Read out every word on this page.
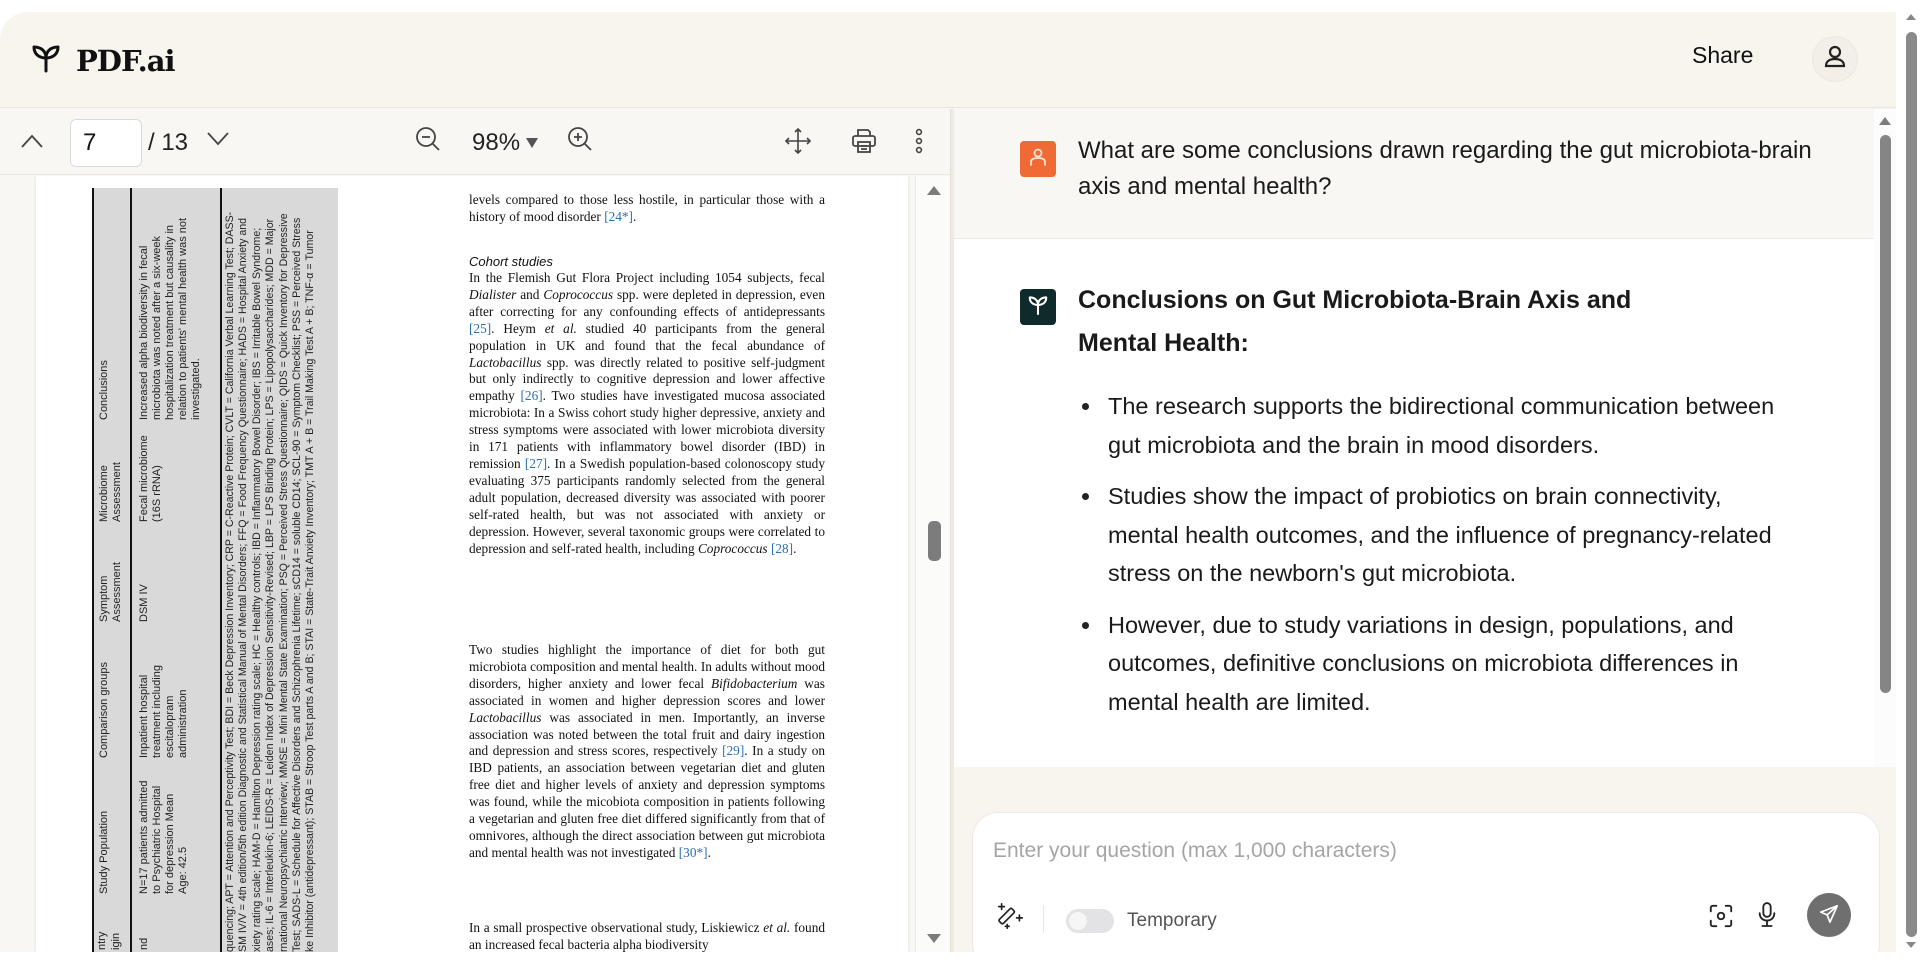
PDF.ai	Share
7
/ 13	98%
ntry igin
Study Population
Comparison groups
Symptom Assessment
Microbiome Assessment
Conclusions
nd
N=17 patients admitted to Psychiatric Hospital for depression Mean Age: 42.5
Inpatient hospital treatment including escitalopram administration
DSM IV
Fecal microbiome (16S rRNA)
Increased alpha biodiversity in fecal microbiota was noted after a six-week hospitalization treatment but causality in relation to patients' mental health was not investigated. quencing; APT = Attention and Perceptivity Test; BDI = Beck Depression Inventory; CRP = C-Reactive Protein; CVLT = California Verbal Learning Test; DASS- SM IV/V = 4th edition/5th edition Diagnostic and Statistical Manual of Mental Disorders; FFQ = Food Frequency Questionnaire; HADS = Hospital Anxiety and xiety rating scale; HAM-D = Hamilton Depression rating scale; HC = Healthy controls; IBD = Inflammatory Bowel Disorder; IBS = Irritable Bowel Syndrome; ases; IL-6 = Interleukin-6; LEIDS-R = Leiden Index of Depression Sensitivity-Revised; LBP = LPS Binding Protein; LPS = Lipopolysaccharides; MDD = Major rnational Neuropsychiatric Interview; MMSE = Mini Mental State Examination; PSQ = Perceived Stress Questionnaire; QIDS = Quick Inventory for Depressive Test; SADS-L = Schedule for Affective Disorders and Schizophrenia Lifetime; sCD14 = soluble CD14; SCL-90 = Symptom Checklist; PSS = Perceived Stress ke Inhibitor (antidepressant); STAB = Stroop Test parts A and B; STAI = State-Trait Anxiety Inventory; TMT A + B = Trail Making Test A + B; TNF-α = Tumor
levels compared to those less hostile, in particular those with a history of mood disorder [24*].
Cohort studies
In the Flemish Gut Flora Project including 1054 subjects, fecal Dialister and Coprococcus spp. were depleted in depression, even after correcting for any confounding effects of antidepressants [25]. Heym et al. studied 40 participants from the general population in UK and found that the fecal abundance of Lactobacillus spp. was directly related to positive self-judgment but only indirectly to cognitive depression and lower affective empathy [26]. Two studies have investigated mucosa associated microbiota: In a Swiss cohort study higher depressive, anxiety and stress symptoms were associated with lower microbiota diversity in 171 patients with inflammatory bowel disorder (IBD) in remission [27]. In a Swedish population-based colonoscopy study evaluating 375 participants randomly selected from the general adult population, decreased diversity was associated with poorer self-rated health, but was not associated with anxiety or depression. However, several taxonomic groups were correlated to depression and self-rated health, including Coprococcus [28].
Two studies highlight the importance of diet for both gut microbiota composition and mental health. In adults without mood disorders, higher anxiety and lower fecal Bifidobacterium was associated in women and higher depression scores and lower Lactobacillus was associated in men. Importantly, an inverse association was noted between the total fruit and dairy ingestion and depression and stress scores, respectively [29]. In a study on IBD patients, an association between vegetarian diet and gluten free diet and higher levels of anxiety and depression symptoms was found, while the micobiota composition in patients following a vegetarian and gluten free diet differed significantly from that of omnivores, although the direct association between gut microbiota and mental health was not investigated [30*].
In a small prospective observational study, Liskiewicz et al. found an increased fecal bacteria alpha biodiversity
What are some conclusions drawn regarding the gut microbiota-brain axis and mental health?
Conclusions on Gut Microbiota-Brain Axis and Mental Health:
The research supports the bidirectional communication between gut microbiota and the brain in mood disorders.
Studies show the impact of probiotics on brain connectivity, mental health outcomes, and the influence of pregnancy-related stress on the newborn's gut microbiota.
However, due to study variations in design, populations, and outcomes, definitive conclusions on microbiota differences in mental health are limited.
Enter your question (max 1,000 characters)
Temporary
